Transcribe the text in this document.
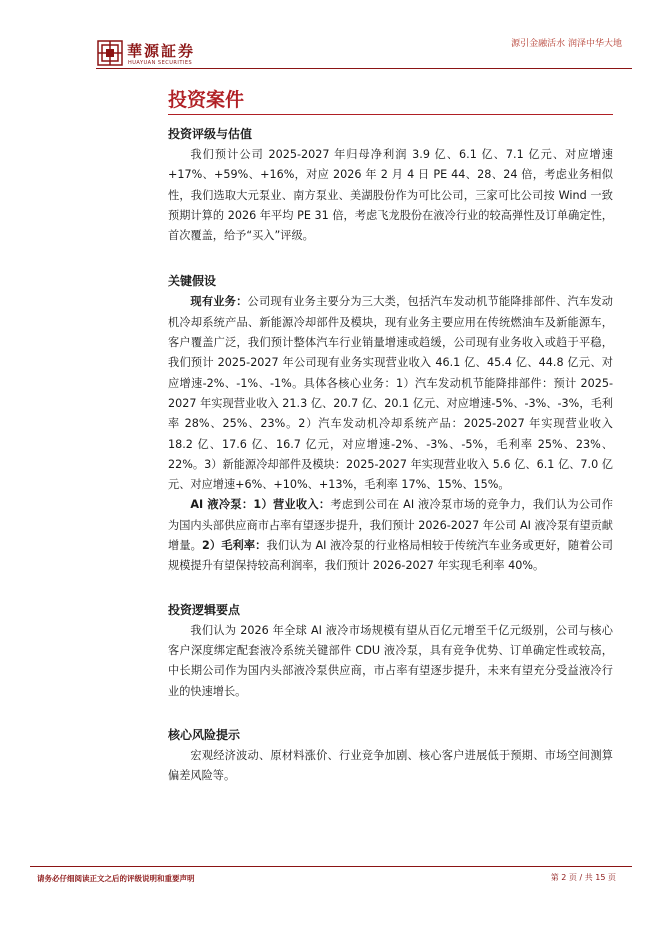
華源証券
HUAYUAN SECURITIES
源引金融活水 润泽中华大地
投资案件

投资评级与估值

我们预计公司 2025-2027 年归母净利润 3.9 亿、6.1 亿、7.1 亿元、对应增速+17%、+59%、+16%，对应 2026 年 2 月 4 日 PE 44、28、24 倍，考虑业务相似性，我们选取大元泵业、南方泵业、美湖股份作为可比公司，三家可比公司按 Wind 一致预期计算的 2026 年平均 PE 31 倍，考虑飞龙股份在液冷行业的较高弹性及订单确定性，首次覆盖，给予“买入”评级。

关键假设

现有业务：公司现有业务主要分为三大类，包括汽车发动机节能降排部件、汽车发动机冷却系统产品、新能源冷却部件及模块，现有业务主要应用在传统燃油车及新能源车，客户覆盖广泛，我们预计整体汽车行业销量增速或趋缓，公司现有业务收入或趋于平稳，我们预计 2025-2027 年公司现有业务实现营业收入 46.1 亿、45.4 亿、44.8 亿元、对应增速-2%、-1%、-1%。具体各核心业务：1）汽车发动机节能降排部件：预计 2025-2027 年实现营业收入 21.3 亿、20.7 亿、20.1 亿元、对应增速-5%、-3%、-3%，毛利率 28%、25%、23%。2）汽车发动机冷却系统产品：2025-2027 年实现营业收入 18.2 亿、17.6 亿、16.7 亿元，对应增速-2%、-3%、-5%，毛利率 25%、23%、22%。3）新能源冷却部件及模块：2025-2027 年实现营业收入 5.6 亿、6.1 亿、7.0 亿元、对应增速+6%、+10%、+13%，毛利率 17%、15%、15%。

AI 液冷泵：1）营业收入：考虑到公司在 AI 液冷泵市场的竞争力，我们认为公司作为国内头部供应商市占率有望逐步提升，我们预计 2026-2027 年公司 AI 液冷泵有望贡献增量。2）毛利率：我们认为 AI 液冷泵的行业格局相较于传统汽车业务或更好，随着公司规模提升有望保持较高利润率，我们预计 2026-2027 年实现毛利率 40%。

投资逻辑要点

我们认为 2026 年全球 AI 液冷市场规模有望从百亿元增至千亿元级别，公司与核心客户深度绑定配套液冷系统关键部件 CDU 液冷泵，具有竞争优势、订单确定性或较高，中长期公司作为国内头部液冷泵供应商，市占率有望逐步提升，未来有望充分受益液冷行业的快速增长。

核心风险提示

宏观经济波动、原材料涨价、行业竞争加剧、核心客户进展低于预期、市场空间测算偏差风险等。

请务必仔细阅读正文之后的评级说明和重要声明	第 2 页 / 共 15 页
